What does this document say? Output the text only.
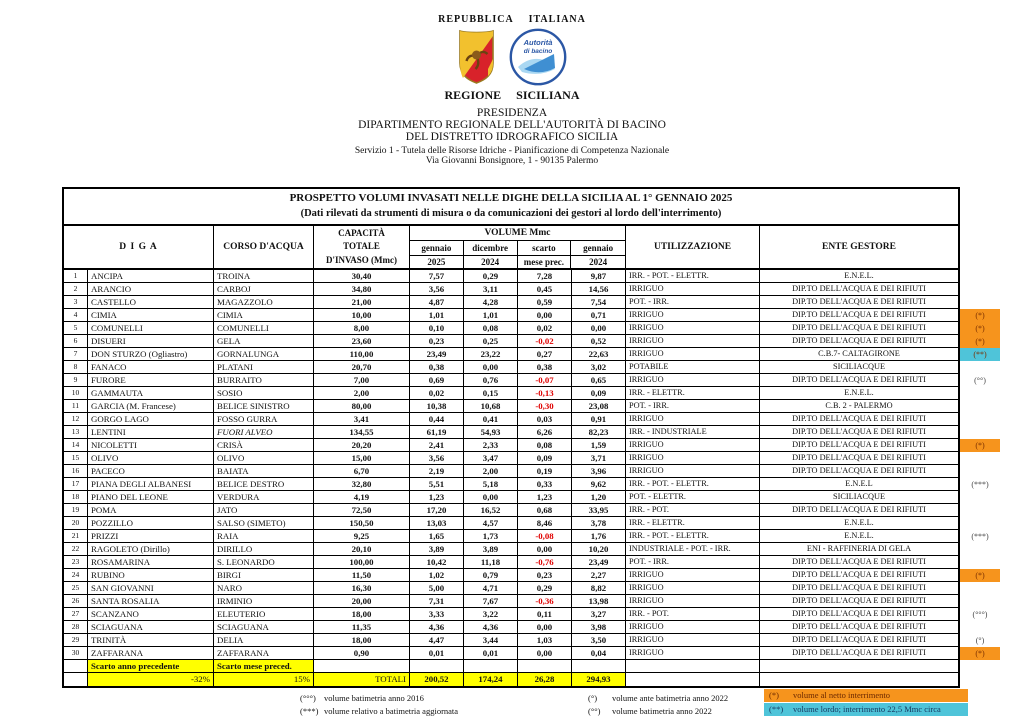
REPUBBLICA ITALIANA
Autorità
di bacino
REGIONE SICILIANA
PRESIDENZA
DIPARTIMENTO REGIONALE DELL'AUTORITÀ DI BACINO
DEL DISTRETTO IDROGRAFICO SICILIA
Servizio 1 - Tutela delle Risorse Idriche - Pianificazione di Competenza Nazionale
Via Giovanni Bonsignore, 1 - 90135 Palermo
PROSPETTO VOLUMI INVASATI NELLE DIGHE DELLA SICILIA AL 1° GENNAIO 2025
(Dati rilevati da strumenti di misura o da comunicazioni dei gestori al lordo dell'interrimento)
D I G A	CORSO D'ACQUA
CAPACITÀ
TOTALE
D'INVASO (Mmc)
VOLUME Mmc
gennaio
2025
dicembre
2024
scarto
mese prec.
gennaio
2024
UTILIZZAZIONE	ENTE GESTORE
1	ANCIPA	TROINA	30,40	7,57	0,29	7,28	9,87	IRR. - POT. - ELETTR.	E.N.E.L.
2	ARANCIO	CARBOJ	34,80	3,56	3,11	0,45	14,56	IRRIGUO	DIP.TO DELL'ACQUA E DEI RIFIUTI
3	CASTELLO	MAGAZZOLO	21,00	4,87	4,28	0,59	7,54	POT. - IRR.	DIP.TO DELL'ACQUA E DEI RIFIUTI
4	CIMIA	CIMIA	10,00	1,01	1,01	0,00	0,71	IRRIGUO	DIP.TO DELL'ACQUA E DEI RIFIUTI	(*)
5	COMUNELLI	COMUNELLI	8,00	0,10	0,08	0,02	0,00	IRRIGUO	DIP.TO DELL'ACQUA E DEI RIFIUTI	(*)
6	DISUERI	GELA	23,60	0,23	0,25	-0,02	0,52	IRRIGUO	DIP.TO DELL'ACQUA E DEI RIFIUTI	(*)
7	DON STURZO (Ogliastro)	GORNALUNGA	110,00	23,49	23,22	0,27	22,63	IRRIGUO	C.B.7- CALTAGIRONE	(**)
8	FANACO	PLATANI	20,70	0,38	0,00	0,38	3,02	POTABILE	SICILIACQUE
9	FURORE	BURRAITO	7,00	0,69	0,76	-0,07	0,65	IRRIGUO	DIP.TO DELL'ACQUA E DEI RIFIUTI	(°°)
10	GAMMAUTA	SOSIO	2,00	0,02	0,15	-0,13	0,09	IRR. - ELETTR.	E.N.E.L.
11	GARCIA (M. Francese)	BELICE SINISTRO	80,00	10,38	10,68	-0,30	23,08	POT. - IRR.	C.B. 2 - PALERMO
12	GORGO LAGO	FOSSO GURRA	3,41	0,44	0,41	0,03	0,91	IRRIGUO	DIP.TO DELL'ACQUA E DEI RIFIUTI
13	LENTINI	FUORI ALVEO	134,55	61,19	54,93	6,26	82,23	IRR. - INDUSTRIALE	DIP.TO DELL'ACQUA E DEI RIFIUTI
14	NICOLETTI	CRISÀ	20,20	2,41	2,33	0,08	1,59	IRRIGUO	DIP.TO DELL'ACQUA E DEI RIFIUTI	(*)
15	OLIVO	OLIVO	15,00	3,56	3,47	0,09	3,71	IRRIGUO	DIP.TO DELL'ACQUA E DEI RIFIUTI
16	PACECO	BAIATA	6,70	2,19	2,00	0,19	3,96	IRRIGUO	DIP.TO DELL'ACQUA E DEI RIFIUTI
17	PIANA DEGLI ALBANESI	BELICE DESTRO	32,80	5,51	5,18	0,33	9,62	IRR. - POT. - ELETTR.	E.N.E.L	(***)
18	PIANO DEL LEONE	VERDURA	4,19	1,23	0,00	1,23	1,20	POT. - ELETTR.	SICILIACQUE
19	POMA	JATO	72,50	17,20	16,52	0,68	33,95	IRR. - POT.	DIP.TO DELL'ACQUA E DEI RIFIUTI
20	POZZILLO	SALSO (SIMETO)	150,50	13,03	4,57	8,46	3,78	IRR. - ELETTR.	E.N.E.L.
21	PRIZZI	RAIA	9,25	1,65	1,73	-0,08	1,76	IRR. - POT. - ELETTR.	E.N.E.L.	(***)
22	RAGOLETO (Dirillo)	DIRILLO	20,10	3,89	3,89	0,00	10,20	INDUSTRIALE - POT. - IRR.	ENI - RAFFINERIA DI GELA
23	ROSAMARINA	S. LEONARDO	100,00	10,42	11,18	-0,76	23,49	POT. - IRR.	DIP.TO DELL'ACQUA E DEI RIFIUTI
24	RUBINO	BIRGI	11,50	1,02	0,79	0,23	2,27	IRRIGUO	DIP.TO DELL'ACQUA E DEI RIFIUTI	(*)
25	SAN GIOVANNI	NARO	16,30	5,00	4,71	0,29	8,82	IRRIGUO	DIP.TO DELL'ACQUA E DEI RIFIUTI
26	SANTA ROSALIA	IRMINIO	20,00	7,31	7,67	-0,36	13,98	IRRIGUO	DIP.TO DELL'ACQUA E DEI RIFIUTI
27	SCANZANO	ELEUTERIO	18,00	3,33	3,22	0,11	3,27	IRR. - POT.	DIP.TO DELL'ACQUA E DEI RIFIUTI	(°°°)
28	SCIAGUANA	SCIAGUANA	11,35	4,36	4,36	0,00	3,98	IRRIGUO	DIP.TO DELL'ACQUA E DEI RIFIUTI
29	TRINITÀ	DELIA	18,00	4,47	3,44	1,03	3,50	IRRIGUO	DIP.TO DELL'ACQUA E DEI RIFIUTI	(°)
30	ZAFFARANA	ZAFFARANA	0,90	0,01	0,01	0,00	0,04	IRRIGUO	DIP.TO DELL'ACQUA E DEI RIFIUTI	(*)
Scarto anno precedente	Scarto mese preced.
-32%	15%	TOTALI	200,52	174,24	26,28	294,93
(°°°) volume batimetria anno 2016
(***) volume relativo a batimetria aggiornata
(°) volume ante batimetria anno 2022
(°°) volume batimetria anno 2022
(*) volume al netto interrimento
(**) volume lordo; interrimento 22,5 Mmc circa
